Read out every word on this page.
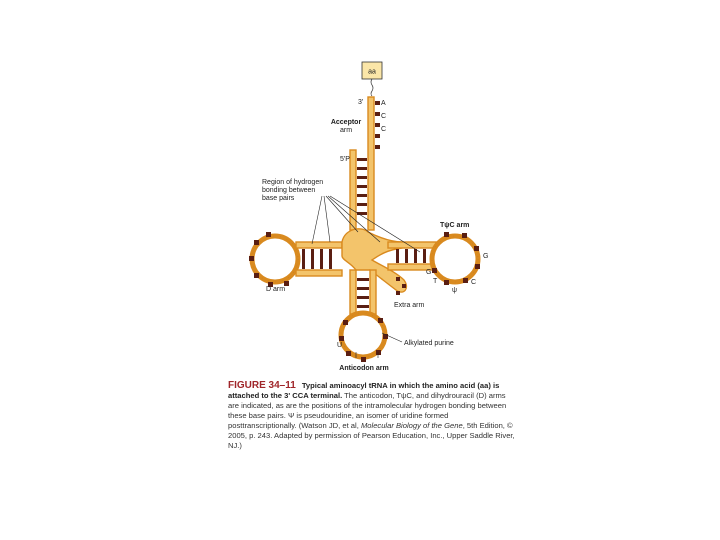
aa
3'	A
C
C
Acceptor
arm
5'P
Region of hydrogen
bonding between
base pairs
TψC arm
G
G
T
ψ
C
D arm
Extra arm
Alkylated purine
U
Anticodon arm
FIGURE 34–11 Typical aminoacyl tRNA in which the amino acid (aa) is attached to the 3' CCA terminal. The anticodon, TψC, and dihydrouracil (D) arms are indicated, as are the positions of the intramolecular hydrogen bonding between these base pairs. Ψ is pseudouridine, an isomer of uridine formed posttranscriptionally. (Watson JD, et al, Molecular Biology of the Gene, 5th Edition, © 2005, p. 243. Adapted by permission of Pearson Education, Inc., Upper Saddle River, NJ.)
